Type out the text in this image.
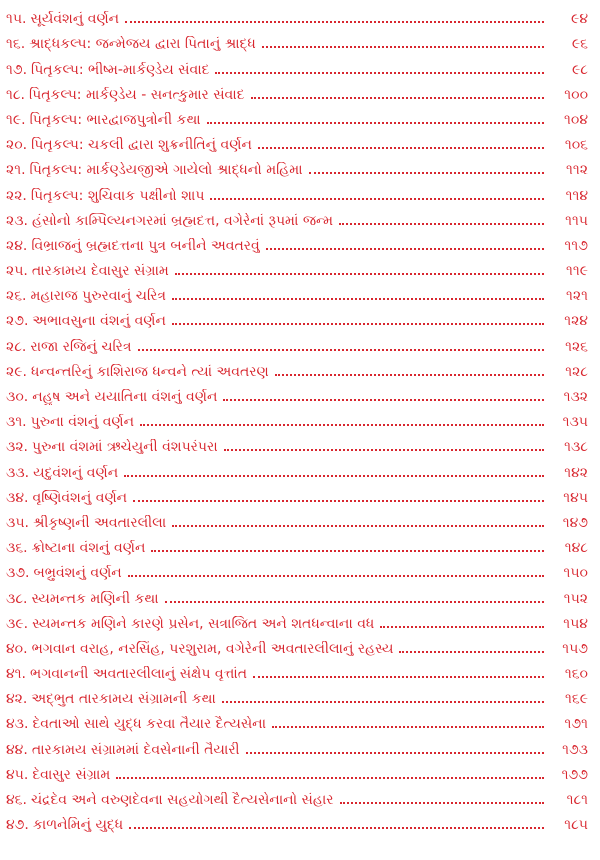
૧૫. સૂર્યવંશનું વર્ણન	૯૪
૧૬. શ્રાદ્ધકલ્પ: જન્મેજય દ્વારા પિતાનું શ્રાદ્ધ	૯૬
૧૭. પિતૃકલ્પ: ભીષ્મ-માર્કણ્ડેય સંવાદ	૯૮
૧૮. પિતૃકલ્પ: માર્કણ્ડેય - સનત્કુમાર સંવાદ	૧૦૦
૧૯. પિતૃકલ્પ: ભારદ્વાજપુત્રોની કથા	૧૦૪
૨૦. પિતૃકલ્પ: ચકલી દ્વારા શુક્રનીતિનું વર્ણન	૧૦૬
૨૧. પિતૃકલ્પ: માર્કણ્ડેયજીએ ગાયેલો શ્રાદ્ધનો મહિમા	૧૧૨
૨૨. પિતૃકલ્પ: શુચિવાક પક્ષીનો શાપ	૧૧૪
૨૩. હંસોનો કામ્પિલ્યનગરમાં બ્રહ્મદત્ત, વગેરેનાં રૂપમાં જન્મ	૧૧૫
૨૪. વિભ્રાજનું બ્રહ્મદત્તના પુત્ર બનીને અવતરવું	૧૧૭
૨૫. તારકામય દેવાસુર સંગ્રામ	૧૧૯
૨૬. મહારાજ પુરુરવાનું ચરિત્ર	૧૨૧
૨૭. અભાવસુના વંશનું વર્ણન	૧૨૪
૨૮. રાજા રજિનું ચરિત્ર	૧૨૬
૨૯. ધન્વન્તરિનું કાશિરાજ ધન્વને ત્યાં અવતરણ	૧૨૮
૩૦. નહુષ અને યયાતિના વંશનું વર્ણન	૧૩૨
૩૧. પુરુના વંશનું વર્ણન	૧૩૫
૩૨. પુરુના વંશમાં ઋચેયુની વંશપરંપરા	૧૩૮
૩૩. યદુવંશનું વર્ણન	૧૪૨
૩૪. વૃષ્ણિવંશનું વર્ણન	૧૪૫
૩૫. શ્રીકૃષ્ણની અવતારલીલા	૧૪૭
૩૬. ક્રોષ્ટાના વંશનું વર્ણન	૧૪૮
૩૭. બભ્રુવંશનું વર્ણન	૧૫૦
૩૮. સ્યમન્તક મણિની કથા	૧૫૨
૩૯. સ્યમન્તક મણિને કારણે પ્રસેન, સત્રાજિત અને શતધન્વાના વધ	૧૫૪
૪૦. ભગવાન વરાહ, નરસિંહ, પરશુરામ, વગેરેની અવતારલીલાનું રહસ્ય	૧૫૭
૪૧. ભગવાનની અવતારલીલાનું સંક્ષેપ વૃત્તાંત	૧૬૦
૪૨. અદ્ભુત તારકામય સંગ્રામની કથા	૧૬૯
૪૩. દેવતાઓ સાથે યુદ્ધ કરવા તૈયાર દૈત્યસેના	૧૭૧
૪૪. તારકામય સંગ્રામમાં દેવસેનાની તૈયારી	૧૭૩
૪૫. દેવાસુર સંગ્રામ	૧૭૭
૪૬. ચંદ્રદેવ અને વરુણદેવના સહયોગથી દૈત્યસેનાનો સંહાર	૧૮૧
૪૭. કાળનેમિનું યુદ્ધ	૧૮૫
